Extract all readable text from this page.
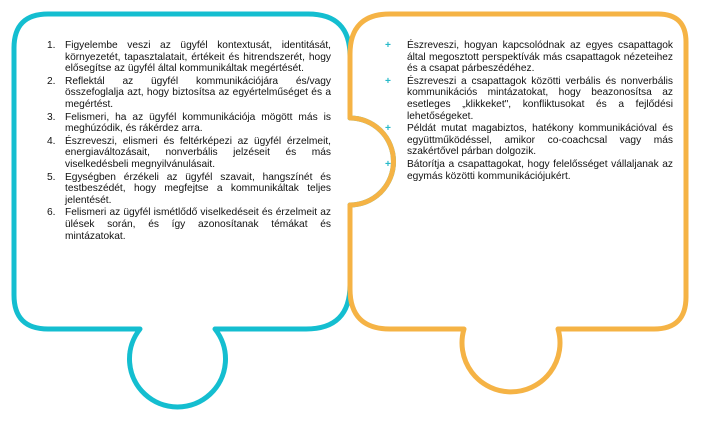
1. Figyelembe veszi az ügyfél kontextusát, identitását, környezetét, tapasztalatait, értékeit és hitrendszerét, hogy elősegítse az ügyfél által kommunikáltak megértését.
2. Reflektál az ügyfél kommunikációjára és/vagy összefoglalja azt, hogy biztosítsa az egyértelműséget és a megértést.
3. Felismeri, ha az ügyfél kommunikációja mögött más is meghúzódik, és rákérdez arra.
4. Észreveszi, elismeri és feltérképezi az ügyfél érzelmeit, energiaváltozásait, nonverbális jelzéseit és más viselkedésbeli megnyilvánulásait.
5. Egységben érzékeli az ügyfél szavait, hangszínét és testbeszédét, hogy megfejtse a kommunikáltak teljes jelentését.
6. Felismeri az ügyfél ismétlődő viselkedéseit és érzelmeit az ülések során, és így azonosítanak témákat és mintázatokat.
+ Észreveszi, hogyan kapcsolódnak az egyes csapattagok által megosztott perspektívák más csapattagok nézeteihez és a csapat párbeszédéhez.
+ Észreveszi a csapattagok közötti verbális és nonverbális kommunikációs mintázatokat, hogy beazonosítsa az esetleges „klikkeket", konfliktusokat és a fejlődési lehetőségeket.
+ Példát mutat magabiztos, hatékony kommunikációval és együttműködéssel, amikor co-coachcsal vagy más szakértővel párban dolgozik.
+ Bátorítja a csapattagokat, hogy felelősséget vállaljanak az egymás közötti kommunikációjukért.
